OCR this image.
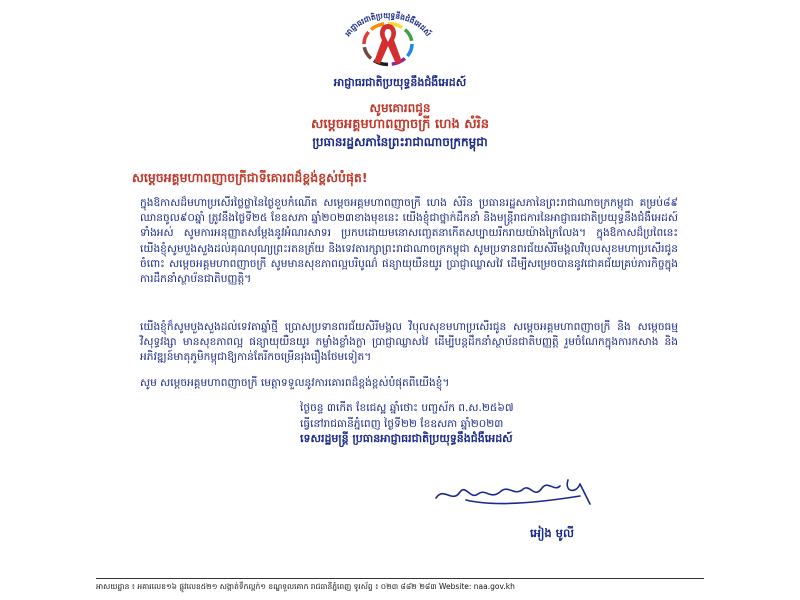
អាជ្ញាធរជាតិប្រយុទ្ធនឹងជំងឺអេដស៍
អាជ្ញាធរជាតិប្រយុទ្ធនឹងជំងឺអេដស៍
សូមគោរពជូន
សម្ដេចអគ្គមហាពញាចក្រី ហេង សំរិន
ប្រធានរដ្ឋសភានៃព្រះរាជាណាចក្រកម្ពុជា
សម្ដេចអគ្គមហាពញាចក្រីជាទីគោរពដ៏ខ្ពង់ខ្ពស់បំផុត!
ក្នុងឱកាសដ៏មហាប្រសើរថ្លៃថ្លានៃថ្ងៃខួបកំណើត សម្ដេចអគ្គមហាពញាចក្រី ហេង សំរិន ប្រធានរដ្ឋសភានៃព្រះរាជាណាចក្រកម្ពុជា គម្រប់៨៩ ឈានចូល៩០ឆ្នាំ ត្រូវនឹងថ្ងៃទី២៥ ខែឧសភា ឆ្នាំ២០២៣ខាងមុខនេះ យើងខ្ញុំជាថ្នាក់ដឹកនាំ និងមន្ត្រីរាជការនៃអាជ្ញាធរជាតិប្រយុទ្ធនឹងជំងឺអេដស៍ទាំងអស់ សូមការអនុញ្ញាតសម្ដែងនូវអំណរសាទរ ប្រកបដោយមនោសញ្ចេតនាកើតសប្បាយរីករាយយ៉ាងក្រៃលែង។ ក្នុងឱកាសដ៏ប្រពៃនេះ យើងខ្ញុំសូមបួងសួងដល់គុណបុណ្យព្រះរតនត្រ័យ និងទេវតារក្សាព្រះរាជាណាចក្រកម្ពុជា សូមប្រទានពរជ័យសិរីមង្គលវិបុលសុខមហាប្រសើរជូនចំពោះ សម្ដេចអគ្គមហាពញាចក្រី សូមមានសុខភាពល្អបរិបូណ៌ ផន្យាយុយឺនយូរ ប្រាជ្ញាឈ្លាសវៃ ដើម្បីសម្រេចបាននូវជោគជ័យគ្រប់ភារកិច្ចក្នុងការដឹកនាំស្ថាប័នជាតិបញ្ញត្តិ។
យើងខ្ញុំក៏សូមបួងសួងដល់ទេវតាឆ្នាំថ្មី ប្រោសប្រទានពរជ័យសិរីមង្គល វិបុលសុខមហាប្រសើរជូន សម្ដេចអគ្គមហាពញាចក្រី និង សម្ដេចធម្មវិសុទ្ធវង្សា មានសុខភាពល្អ ផន្យាយុយឺនយូរ កម្លាំងខ្លាំងក្លា ប្រាជ្ញាឈ្លាសវៃ ដើម្បីបន្តដឹកនាំស្ថាប័នជាតិបញ្ញត្តិ រួមចំណែកក្នុងការកសាង និងអភិវឌ្ឍន៍មាតុភូមិកម្ពុជាឱ្យកាន់តែរីកចម្រើនរុងរឿងថែមទៀត។
សូម សម្ដេចអគ្គមហាពញាចក្រី មេត្តាទទួលនូវការគោរពដ៏ខ្ពង់ខ្ពស់បំផុតពីយើងខ្ញុំ។
ថ្ងៃចន្ទ ៣កើត ខែជេស្ឋ ឆ្នាំថោះ បញ្ចស័ក ព.ស.២៥៦៧
ធ្វើនៅរាជធានីភ្នំពេញ ថ្ងៃទី២២ ខែឧសភា ឆ្នាំ២០២៣
ទេសរដ្ឋមន្ត្រី ប្រធានអាជ្ញាធរជាតិប្រយុទ្ធនឹងជំងឺអេដស៍
អៀង មូលី
អាសយដ្ឋាន ៖ អគារលេខ១៦ ផ្លូវលេខ៥២១ សង្កាត់ទឹកល្អក់១ ខណ្ឌទួលគោក រាជធានីភ្នំពេញ ទូរស័ព្ទ ៖ ០២៣ ៨៨២ ២៨៣ Website: naa.gov.kh
